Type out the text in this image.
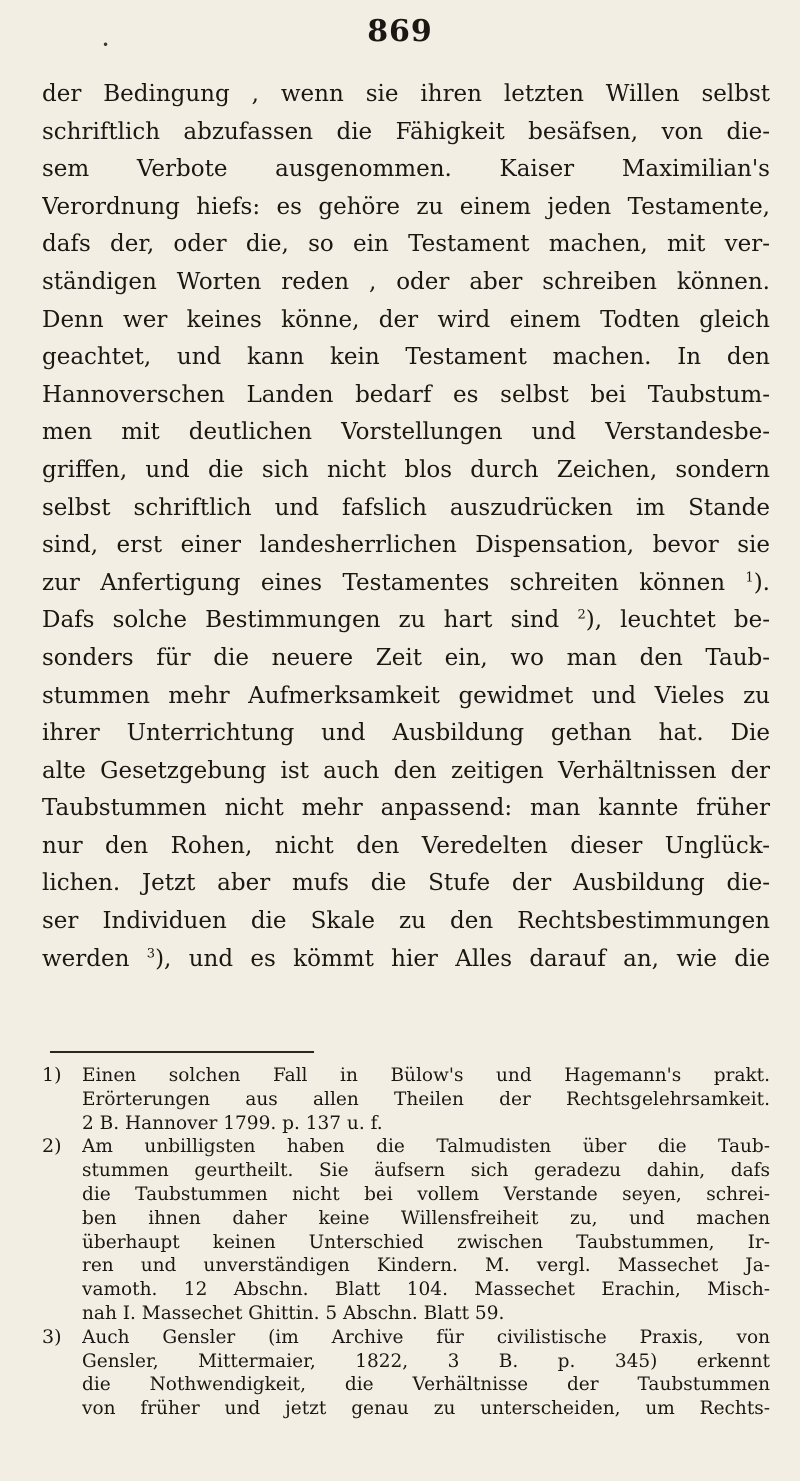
869
•
der Bedingung , wenn sie ihren letzten Willen selbst
schriftlich abzufassen die Fähigkeit besäfsen, von die-
sem Verbote ausgenommen. Kaiser Maximilian's
Verordnung hiefs: es gehöre zu einem jeden Testamente,
dafs der, oder die, so ein Testament machen, mit ver-
ständigen Worten reden , oder aber schreiben können.
Denn wer keines könne, der wird einem Todten gleich
geachtet, und kann kein Testament machen. In den
Hannoverschen Landen bedarf es selbst bei Taubstum-
men mit deutlichen Vorstellungen und Verstandesbe-
griffen, und die sich nicht blos durch Zeichen, sondern
selbst schriftlich und fafslich auszudrücken im Stande
sind, erst einer landesherrlichen Dispensation, bevor sie
zur Anfertigung eines Testamentes schreiten können $^1$).
Dafs solche Bestimmungen zu hart sind $^2$), leuchtet be-
sonders für die neuere Zeit ein, wo man den Taub-
stummen mehr Aufmerksamkeit gewidmet und Vieles zu
ihrer Unterrichtung und Ausbildung gethan hat. Die
alte Gesetzgebung ist auch den zeitigen Verhältnissen der
Taubstummen nicht mehr anpassend: man kannte früher
nur den Rohen, nicht den Veredelten dieser Unglück-
lichen. Jetzt aber mufs die Stufe der Ausbildung die-
ser Individuen die Skale zu den Rechtsbestimmungen
werden $^3$), und es kömmt hier Alles darauf an, wie die
1)	Einen solchen Fall in Bülow's und Hagemann's prakt.
Erörterungen aus allen Theilen der Rechtsgelehrsamkeit.
2 B. Hannover 1799. p. 137 u. f.
2)	Am unbilligsten haben die Talmudisten über die Taub-
stummen geurtheilt. Sie äufsern sich geradezu dahin, dafs
die Taubstummen nicht bei vollem Verstande seyen, schrei-
ben ihnen daher keine Willensfreiheit zu, und machen
überhaupt keinen Unterschied zwischen Taubstummen, Ir-
ren und unverständigen Kindern. M. vergl. Massechet Ja-
vamoth. 12 Abschn. Blatt 104. Massechet Erachin, Misch-
nah I. Massechet Ghittin. 5 Abschn. Blatt 59.
3)	Auch Gensler (im Archive für civilistische Praxis, von
Gensler, Mittermaier, 1822, 3 B. p. 345) erkennt
die Nothwendigkeit, die Verhältnisse der Taubstummen
von früher und jetzt genau zu unterscheiden, um Rechts-
